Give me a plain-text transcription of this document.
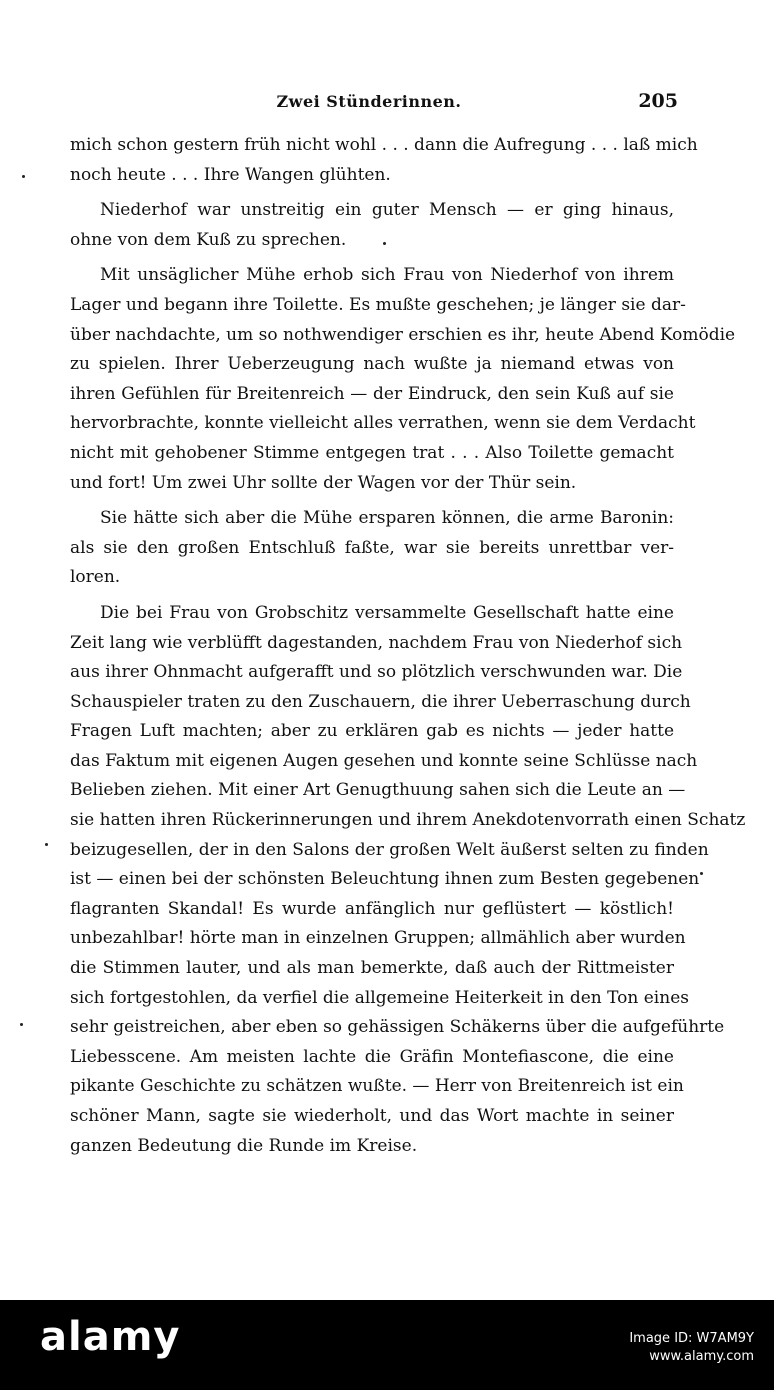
Zwei Stünderinnen.	205
mich schon gestern früh nicht wohl . . . dann die Aufregung . . . laß mich
noch heute . . . Ihre Wangen glühten.
Niederhof war unstreitig ein guter Mensch — er ging hinaus,
ohne von dem Kuß zu sprechen.
Mit unsäglicher Mühe erhob sich Frau von Niederhof von ihrem
Lager und begann ihre Toilette. Es mußte geschehen; je länger sie dar-
über nachdachte, um so nothwendiger erschien es ihr, heute Abend Komödie
zu spielen. Ihrer Ueberzeugung nach wußte ja niemand etwas von
ihren Gefühlen für Breitenreich — der Eindruck, den sein Kuß auf sie
hervorbrachte, konnte vielleicht alles verrathen, wenn sie dem Verdacht
nicht mit gehobener Stimme entgegen trat . . . Also Toilette gemacht
und fort! Um zwei Uhr sollte der Wagen vor der Thür sein.
Sie hätte sich aber die Mühe ersparen können, die arme Baronin:
als sie den großen Entschluß faßte, war sie bereits unrettbar ver-
loren.
Die bei Frau von Grobschitz versammelte Gesellschaft hatte eine
Zeit lang wie verblüfft dagestanden, nachdem Frau von Niederhof sich
aus ihrer Ohnmacht aufgerafft und so plötzlich verschwunden war. Die
Schauspieler traten zu den Zuschauern, die ihrer Ueberraschung durch
Fragen Luft machten; aber zu erklären gab es nichts — jeder hatte
das Faktum mit eigenen Augen gesehen und konnte seine Schlüsse nach
Belieben ziehen. Mit einer Art Genugthuung sahen sich die Leute an —
sie hatten ihren Rückerinnerungen und ihrem Anekdotenvorrath einen Schatz
beizugesellen, der in den Salons der großen Welt äußerst selten zu finden
ist — einen bei der schönsten Beleuchtung ihnen zum Besten gegebenen
flagranten Skandal! Es wurde anfänglich nur geflüstert — köstlich!
unbezahlbar! hörte man in einzelnen Gruppen; allmählich aber wurden
die Stimmen lauter, und als man bemerkte, daß auch der Rittmeister
sich fortgestohlen, da verfiel die allgemeine Heiterkeit in den Ton eines
sehr geistreichen, aber eben so gehässigen Schäkerns über die aufgeführte
Liebesscene. Am meisten lachte die Gräfin Montefiascone, die eine
pikante Geschichte zu schätzen wußte. — Herr von Breitenreich ist ein
schöner Mann, sagte sie wiederholt, und das Wort machte in seiner
ganzen Bedeutung die Runde im Kreise.
alamy	Image ID: W7AM9Y
www.alamy.com
